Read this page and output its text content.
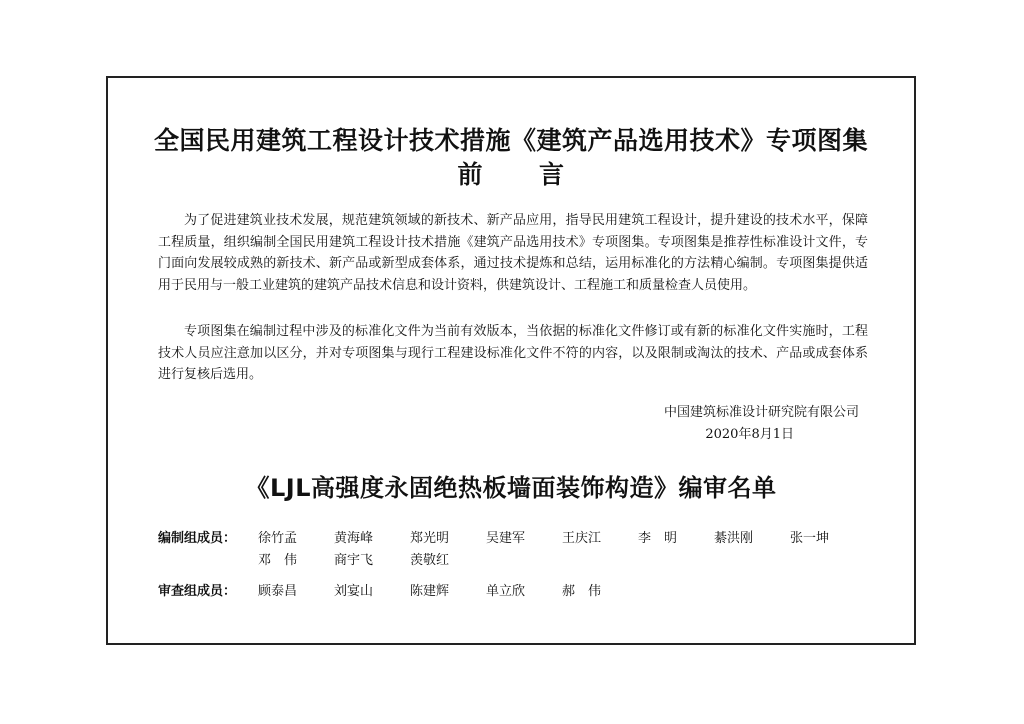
全国民用建筑工程设计技术措施《建筑产品选用技术》专项图集
前 言
为了促进建筑业技术发展，规范建筑领域的新技术、新产品应用，指导民用建筑工程设计，提升建设的技术水平，保障工程质量，组织编制全国民用建筑工程设计技术措施《建筑产品选用技术》专项图集。专项图集是推荐性标准设计文件，专门面向发展较成熟的新技术、新产品或新型成套体系，通过技术提炼和总结，运用标准化的方法精心编制。专项图集提供适用于民用与一般工业建筑的建筑产品技术信息和设计资料，供建筑设计、工程施工和质量检查人员使用。
专项图集在编制过程中涉及的标准化文件为当前有效版本，当依据的标准化文件修订或有新的标准化文件实施时，工程技术人员应注意加以区分，并对专项图集与现行工程建设标准化文件不符的内容，以及限制或淘汰的技术、产品或成套体系进行复核后选用。
中国建筑标准设计研究院有限公司
2020年8月1日
《LJL高强度永固绝热板墙面装饰构造》编审名单
编制组成员：	徐竹孟	黄海峰	郑光明	吴建军	王庆江	李　明	綦洪刚	张一坤
邓　伟	商宇飞	羡敬红
审查组成员：	顾泰昌	刘宴山	陈建辉	单立欣	郝　伟
